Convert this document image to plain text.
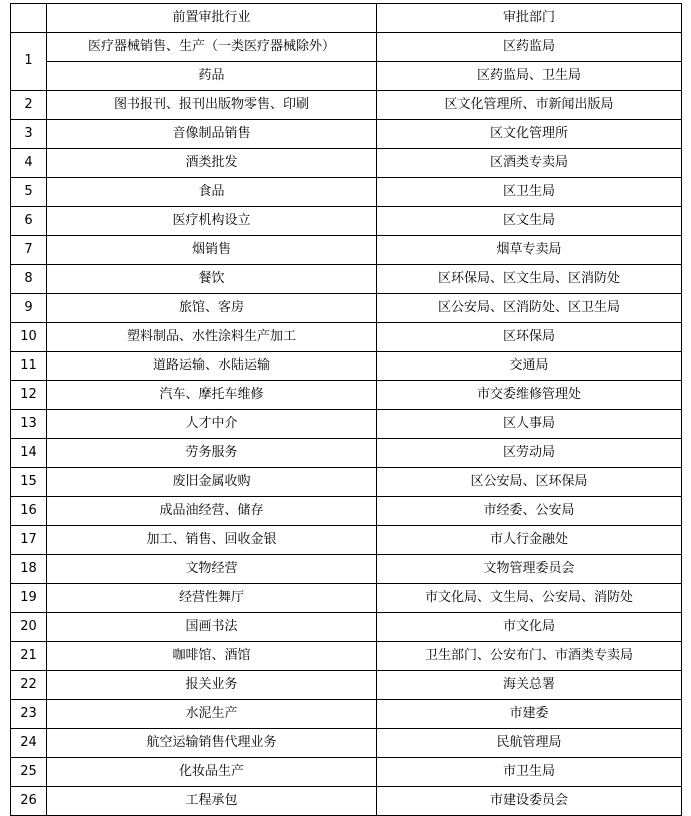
	前置审批行业	审批部门
1	医疗器械销售、生产（一类医疗器械除外）	区药监局
	药品	区药监局、卫生局
2	图书报刊、报刊出版物零售、印刷	区文化管理所、市新闻出版局
3	音像制品销售	区文化管理所
4	酒类批发	区酒类专卖局
5	食品	区卫生局
6	医疗机构设立	区文生局
7	烟销售	烟草专卖局
8	餐饮	区环保局、区文生局、区消防处
9	旅馆、客房	区公安局、区消防处、区卫生局
10	塑料制品、水性涂料生产加工	区环保局
11	道路运输、水陆运输	交通局
12	汽车、摩托车维修	市交委维修管理处
13	人才中介	区人事局
14	劳务服务	区劳动局
15	废旧金属收购	区公安局、区环保局
16	成品油经营、储存	市经委、公安局
17	加工、销售、回收金银	市人行金融处
18	文物经营	文物管理委员会
19	经营性舞厅	市文化局、文生局、公安局、消防处
20	国画书法	市文化局
21	咖啡馆、酒馆	卫生部门、公安布门、市酒类专卖局
22	报关业务	海关总署
23	水泥生产	市建委
24	航空运输销售代理业务	民航管理局
25	化妆品生产	市卫生局
26	工程承包	市建设委员会
